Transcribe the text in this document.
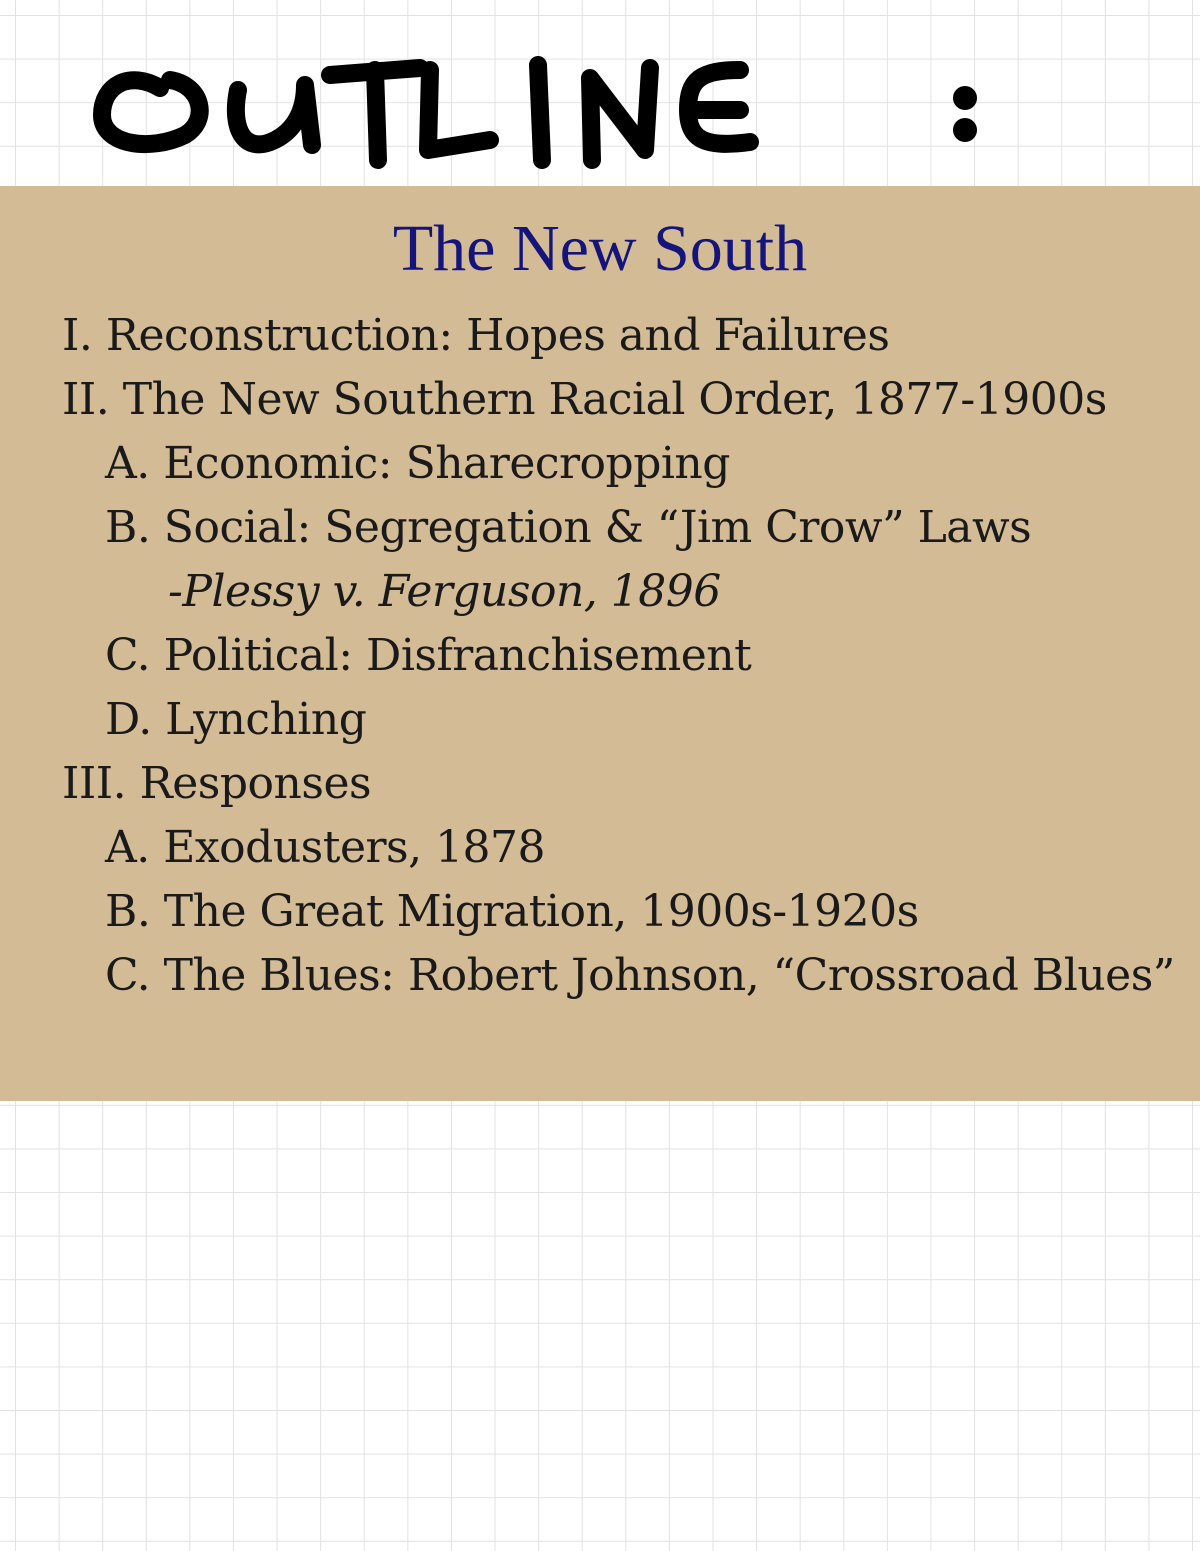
The New South
I. Reconstruction: Hopes and Failures
II. The New Southern Racial Order, 1877-1900s
A. Economic: Sharecropping
B. Social: Segregation & “Jim Crow” Laws
-Plessy v. Ferguson, 1896
C. Political: Disfranchisement
D. Lynching
III. Responses
A. Exodusters, 1878
B. The Great Migration, 1900s-1920s
C. The Blues: Robert Johnson, “Crossroad Blues”
